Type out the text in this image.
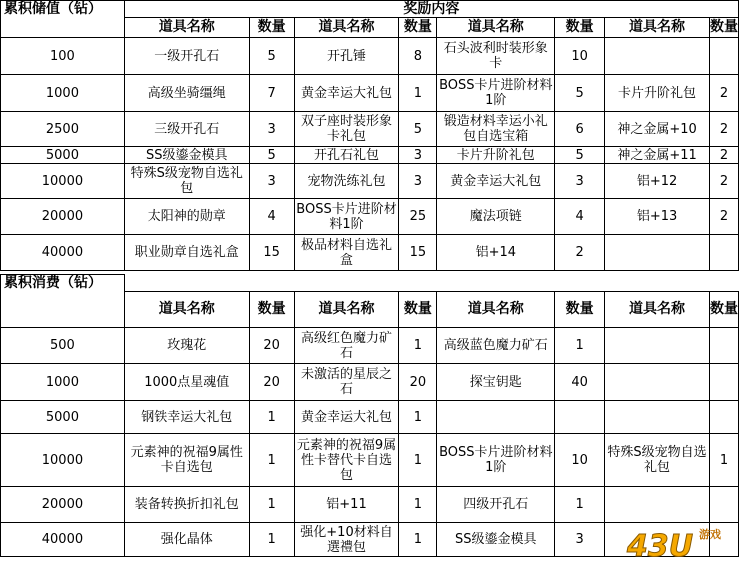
累积储值（钻）	奖励内容							
	道具名称	数量	道具名称	数量	道具名称	数量	道具名称	数量
100	一级开孔石	5	开孔锤	8	石头波利时装形象卡	10		
1000	高级坐骑缰绳	7	黄金幸运大礼包	1	BOSS卡片进阶材料1阶	5	卡片升阶礼包	2
2500	三级开孔石	3	双子座时装形象卡礼包	5	锻造材料幸运小礼包自选宝箱	6	神之金属+10	2
5000	SS级鎏金模具	5	开孔石礼包	3	卡片升阶礼包	5	神之金属+11	2
10000	特殊S级宠物自选礼包	3	宠物洗练礼包	3	黄金幸运大礼包	3	铝+12	2
20000	太阳神的勋章	4	BOSS卡片进阶材料1阶	25	魔法项链	4	铝+13	2
40000	职业勋章自选礼盒	15	极品材料自选礼盒	15	铝+14	2		
累积消费（钻）								
	道具名称	数量	道具名称	数量	道具名称	数量	道具名称	数量
500	玫瑰花	20	高级红色魔力矿石	1	高级蓝色魔力矿石	1		
1000	1000点星魂值	20	未激活的星辰之石	20	探宝钥匙	40		
5000	钢铁幸运大礼包	1	黄金幸运大礼包	1				
10000	元素神的祝福9属性卡自选包	1	元素神的祝福9属性卡替代卡自选包	1	BOSS卡片进阶材料1阶	10	特殊S级宠物自选礼包	1
20000	装备转换折扣礼包	1	铝+11	1	四级开孔石	1		
40000	强化晶体	1	强化+10材料自選禮包	1	SS级鎏金模具	3		43U 游戏
